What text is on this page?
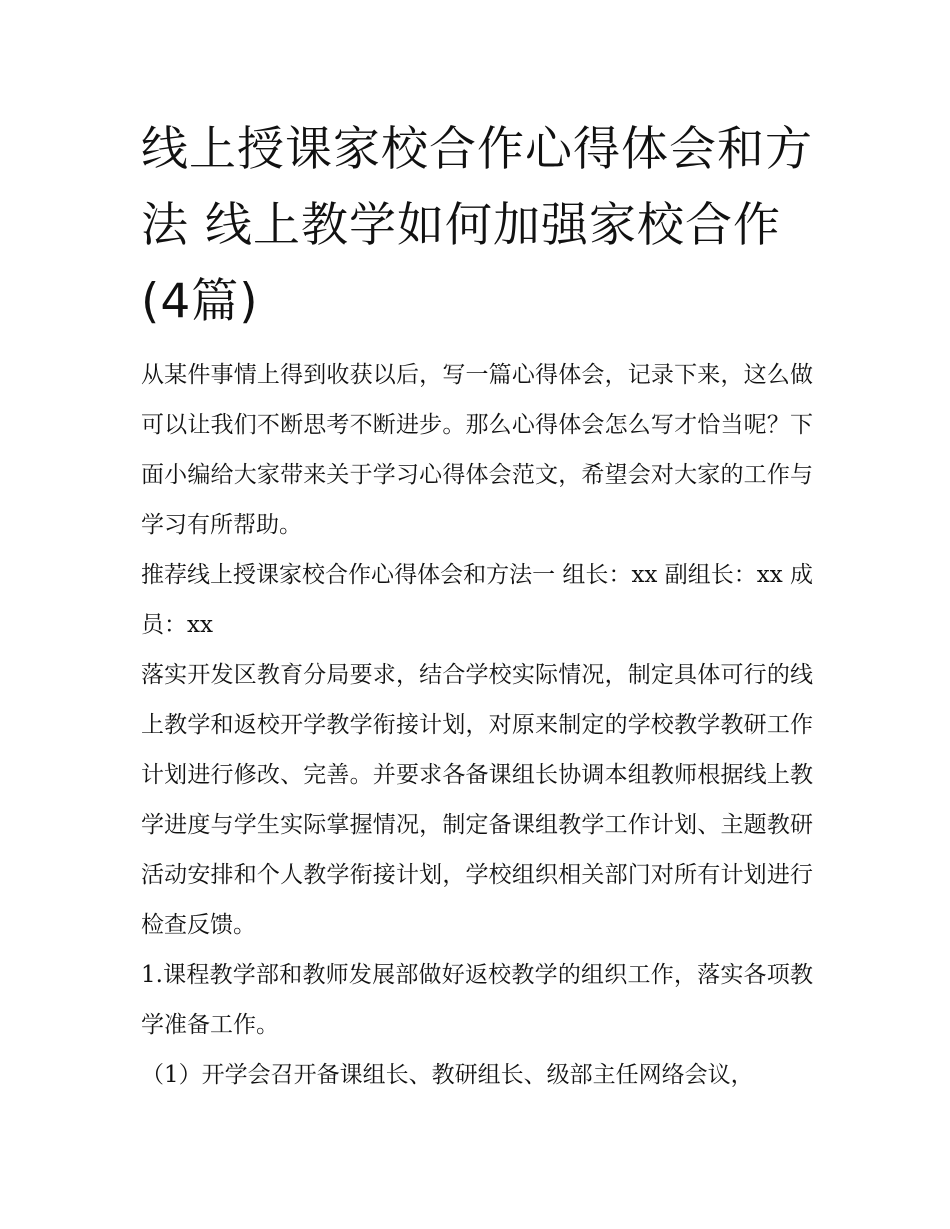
线上授课家校合作心得体会和方法 线上教学如何加强家校合作(4篇)

从某件事情上得到收获以后，写一篇心得体会，记录下来，这么做可以让我们不断思考不断进步。那么心得体会怎么写才恰当呢？下面小编给大家带来关于学习心得体会范文，希望会对大家的工作与学习有所帮助。

推荐线上授课家校合作心得体会和方法一 组长：xx 副组长：xx 成员：xx

落实开发区教育分局要求，结合学校实际情况，制定具体可行的线上教学和返校开学教学衔接计划，对原来制定的学校教学教研工作计划进行修改、完善。并要求各备课组长协调本组教师根据线上教学进度与学生实际掌握情况，制定备课组教学工作计划、主题教研活动安排和个人教学衔接计划，学校组织相关部门对所有计划进行检查反馈。

1.课程教学部和教师发展部做好返校教学的组织工作，落实各项教学准备工作。

（1）开学会召开备课组长、教研组长、级部主任网络会议，
